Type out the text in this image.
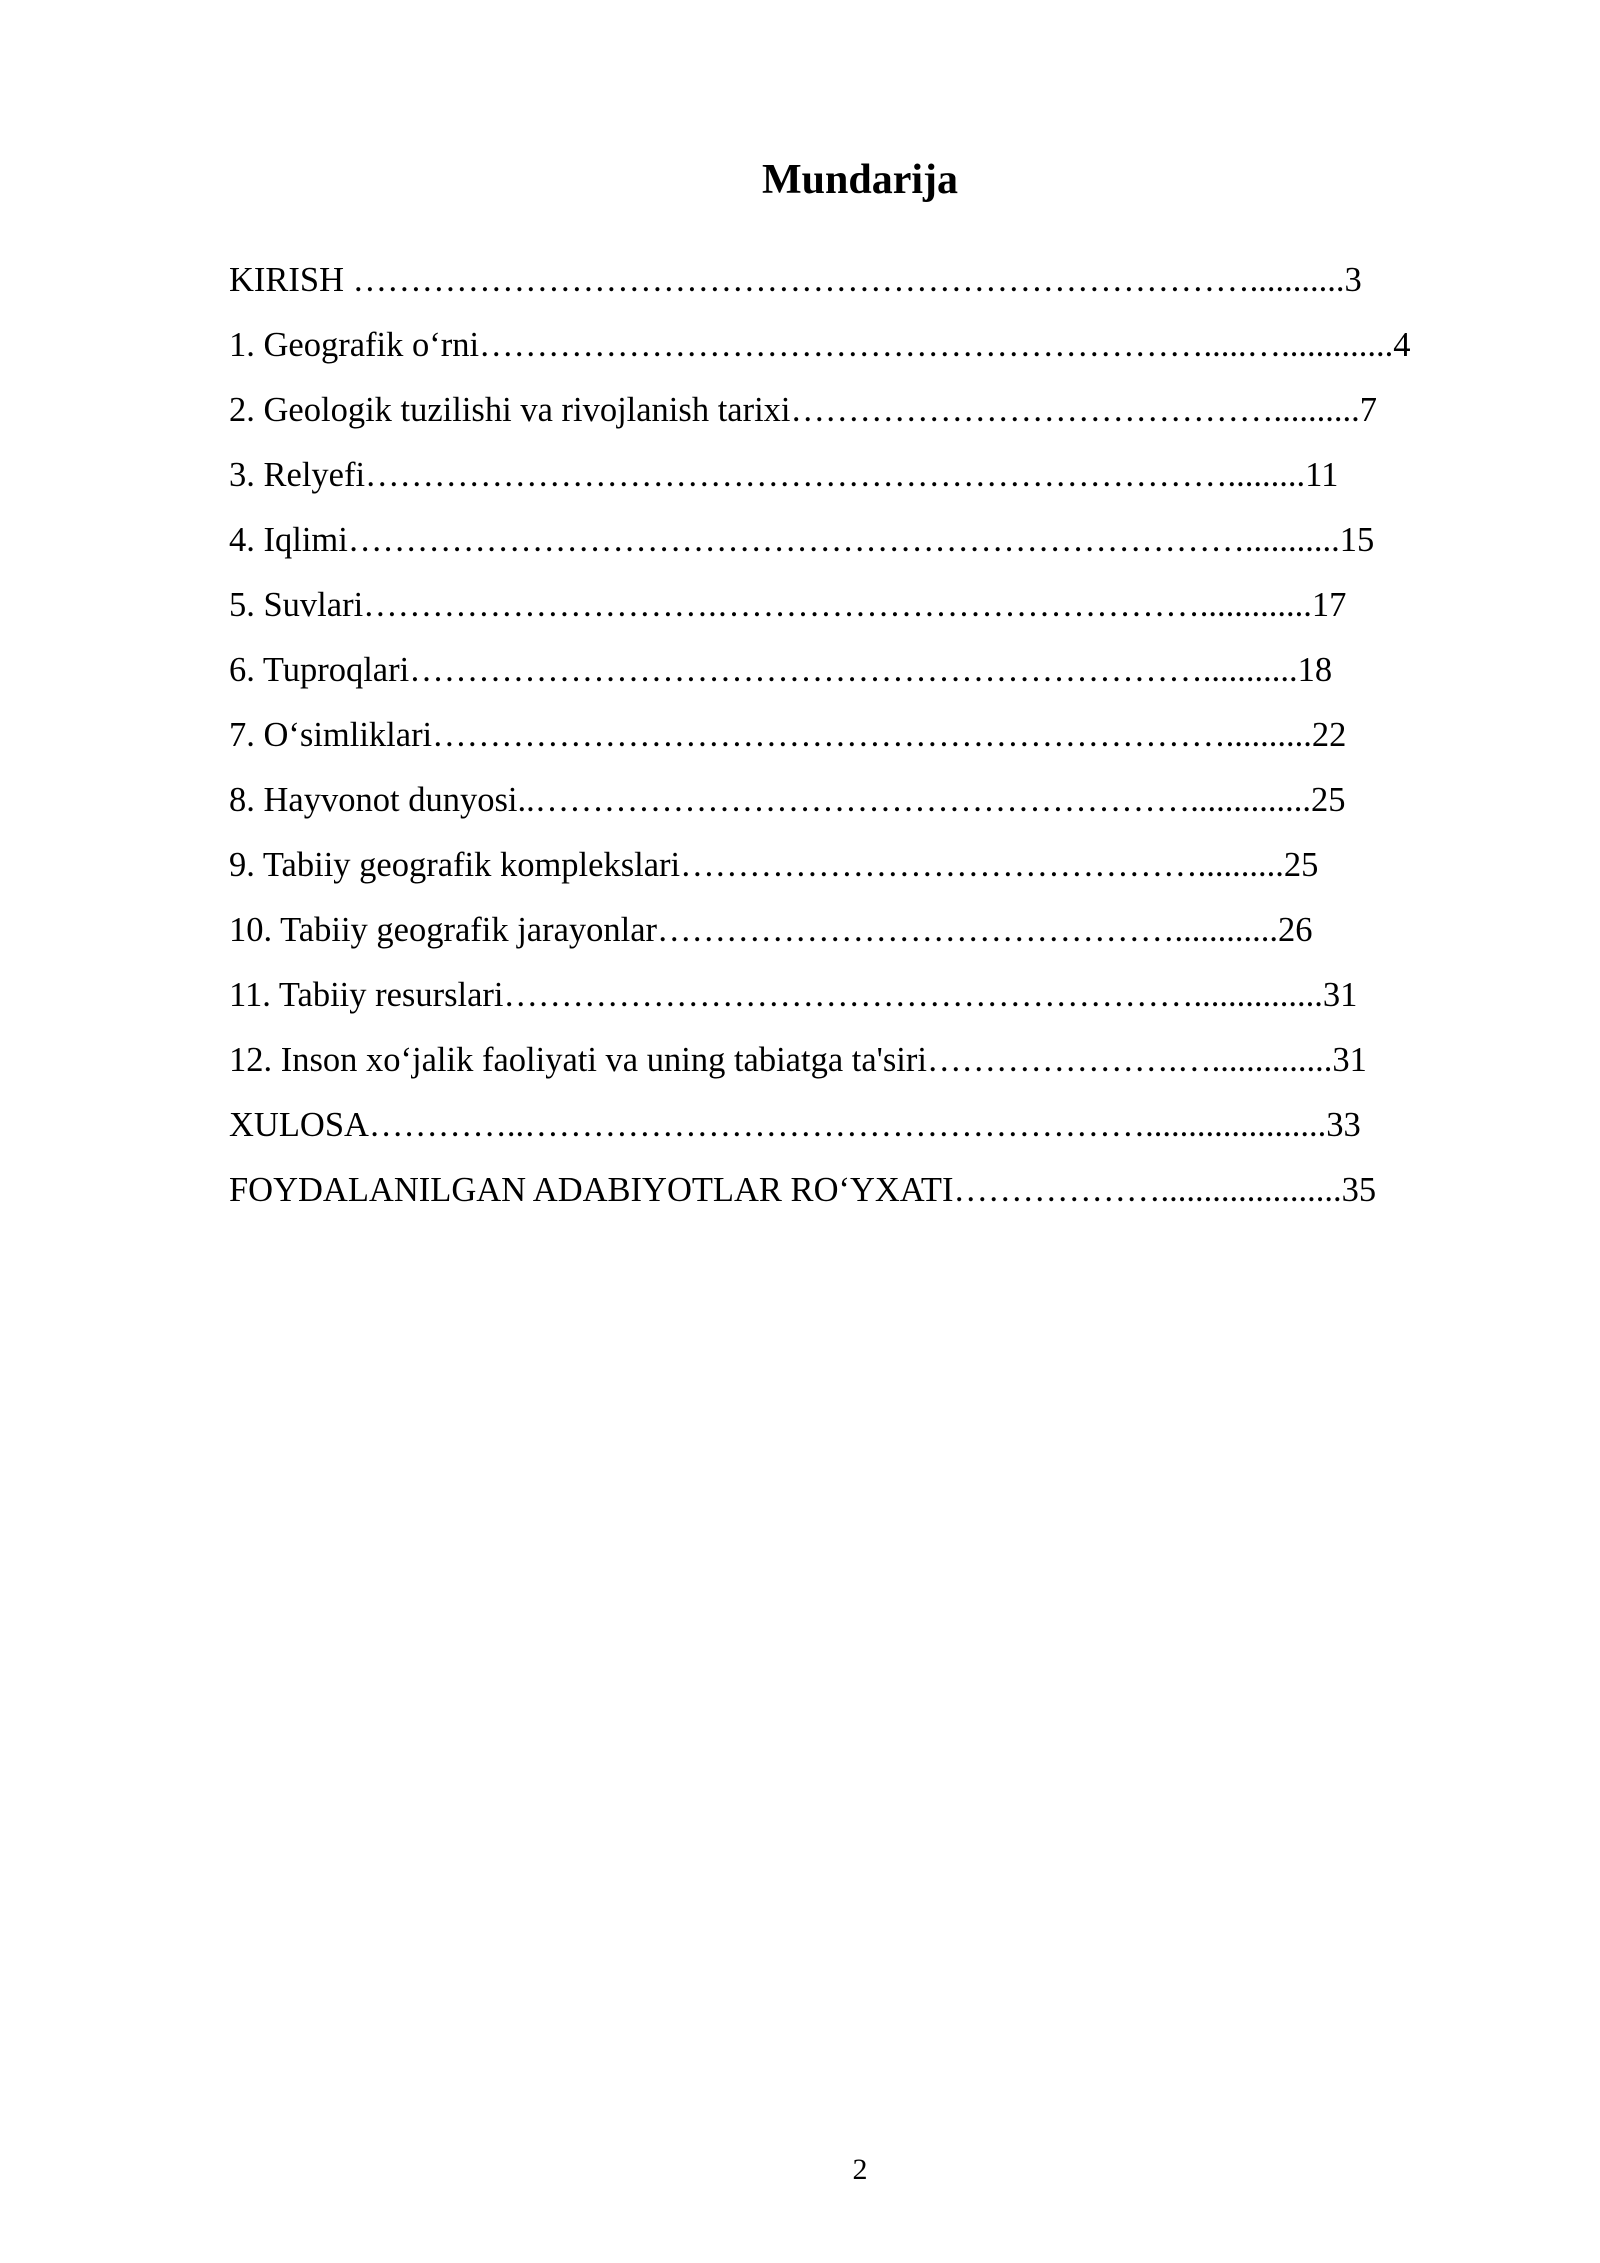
Mundarija
KIRISH ……………………………………………………………………...........3
1. Geografik o‘rni……………………………………………………….....….............4
2. Geologik tuzilishi va rivojlanish tarixi……………………………………..........7
3. Relyefi………………………………………………………………….........11
4. Iqlimi……………………………………………………………………...........15
5. Suvlari………………………….…………………………………….............17
6. Tuproqlari……………………………………………………………...........18
7. O‘simliklari……………………………………………………………..........22
8. Hayvonot dunyosi..…………………………………………………..............25
9. Tabiiy geografik komplekslari………………………………………..........25
10. Tabiiy geografik jarayonlar………………………………………............26
11. Tabiiy resurslari……………………………………………………...............31
12. Inson xo‘jalik faoliyati va uning tabiatga ta'siri………………….…..............31
XULOSA…………..……………………………………………….....................33
FOYDALANILGAN ADABIYOTLAR RO‘YXATI……………….....................35
2
